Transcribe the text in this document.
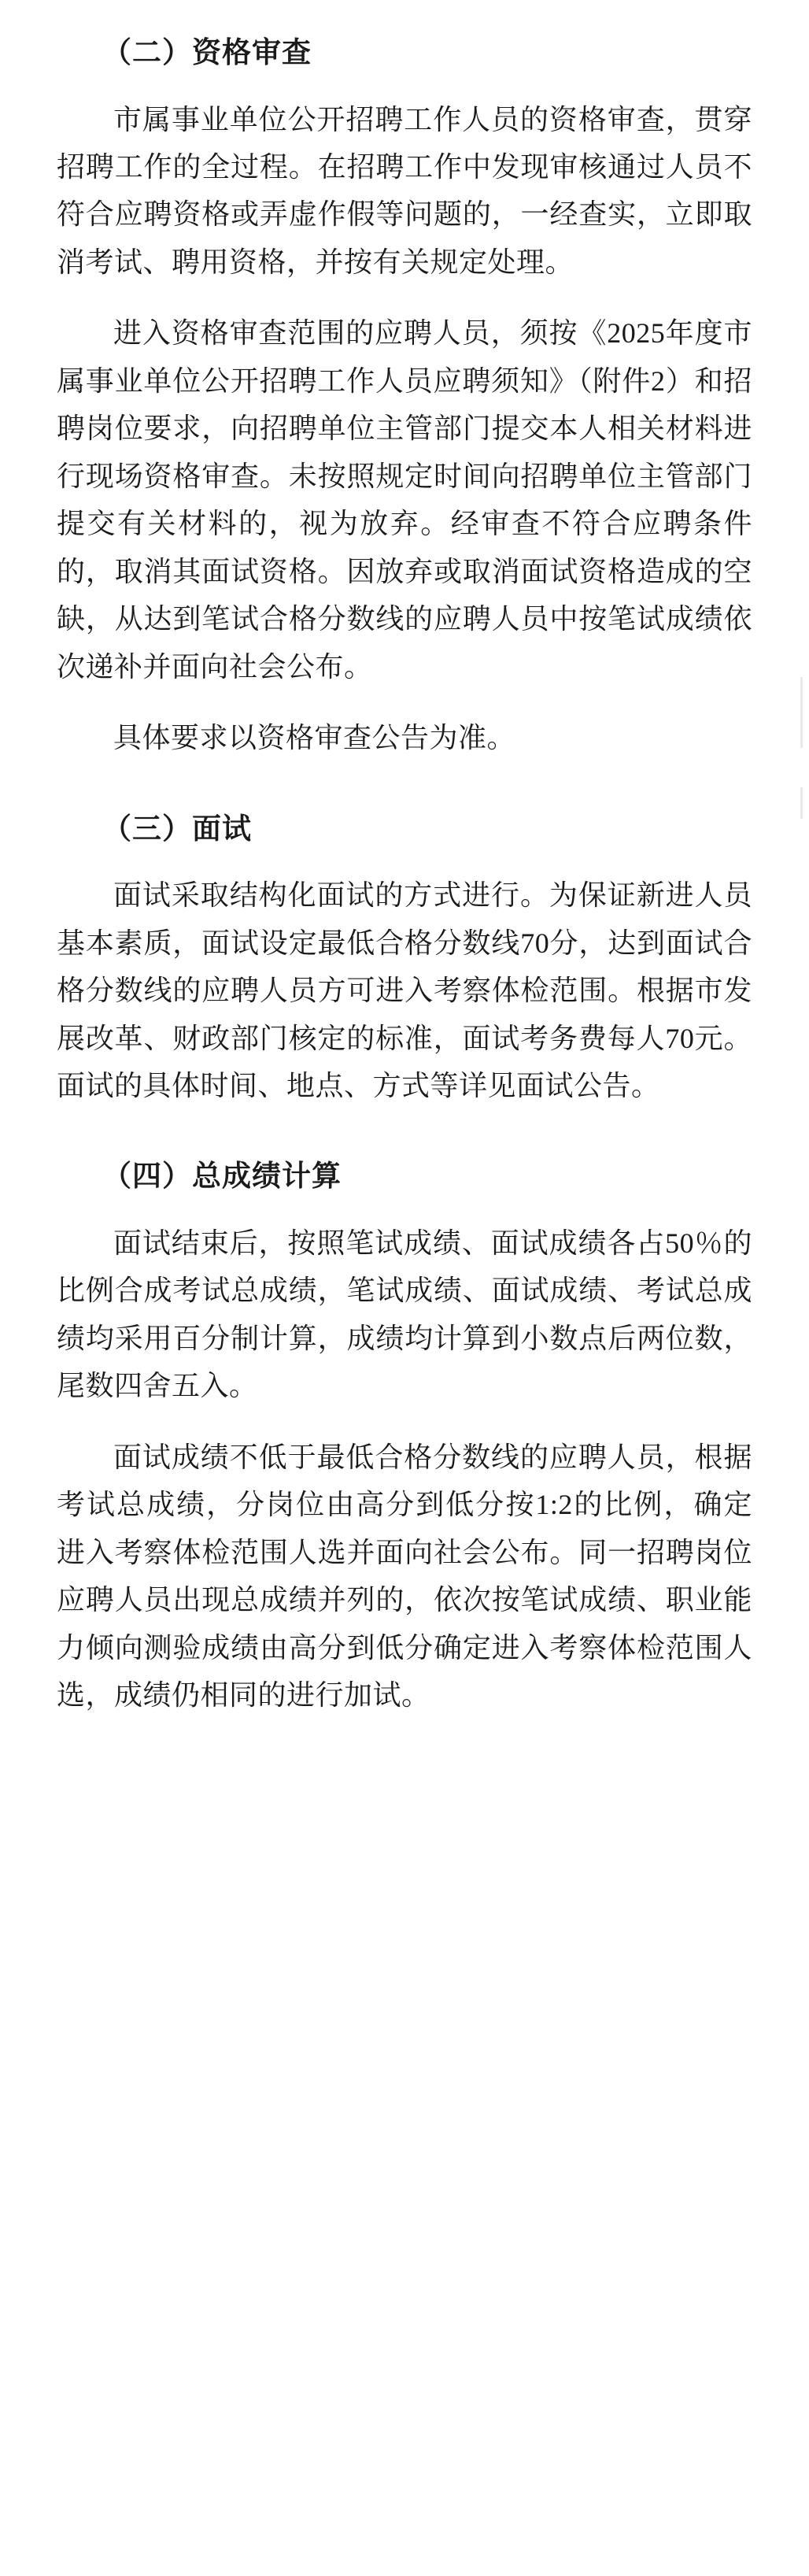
（二）资格审查

市属事业单位公开招聘工作人员的资格审查，贯穿招聘工作的全过程。在招聘工作中发现审核通过人员不符合应聘资格或弄虚作假等问题的，一经查实，立即取消考试、聘用资格，并按有关规定处理。

进入资格审查范围的应聘人员，须按《2025年度市属事业单位公开招聘工作人员应聘须知》（附件2）和招聘岗位要求，向招聘单位主管部门提交本人相关材料进行现场资格审查。未按照规定时间向招聘单位主管部门提交有关材料的，视为放弃。经审查不符合应聘条件的，取消其面试资格。因放弃或取消面试资格造成的空缺，从达到笔试合格分数线的应聘人员中按笔试成绩依次递补并面向社会公布。

具体要求以资格审查公告为准。

（三）面试

面试采取结构化面试的方式进行。为保证新进人员基本素质，面试设定最低合格分数线70分，达到面试合格分数线的应聘人员方可进入考察体检范围。根据市发展改革、财政部门核定的标准，面试考务费每人70元。面试的具体时间、地点、方式等详见面试公告。

（四）总成绩计算

面试结束后，按照笔试成绩、面试成绩各占50％的比例合成考试总成绩，笔试成绩、面试成绩、考试总成绩均采用百分制计算，成绩均计算到小数点后两位数，尾数四舍五入。

面试成绩不低于最低合格分数线的应聘人员，根据考试总成绩，分岗位由高分到低分按1:2的比例，确定进入考察体检范围人选并面向社会公布。同一招聘岗位应聘人员出现总成绩并列的，依次按笔试成绩、职业能力倾向测验成绩由高分到低分确定进入考察体检范围人选，成绩仍相同的进行加试。
